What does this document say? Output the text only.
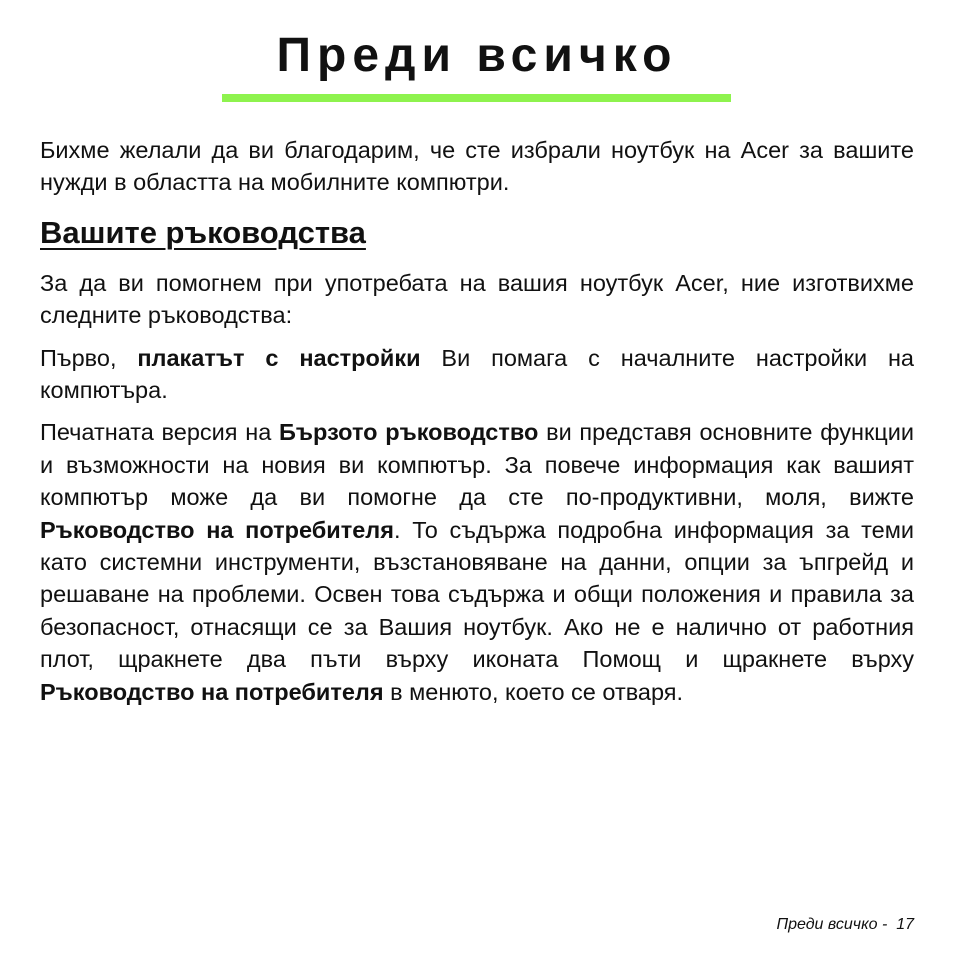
Преди всичко

Бихме желали да ви благодарим, че сте избрали ноутбук на Acer за вашите нужди в областта на мобилните компютри.

Вашите ръководства

За да ви помогнем при употребата на вашия ноутбук Acer, ние изготвихме следните ръководства:

Първо, плакатът с настройки Ви помага с началните настройки на компютъра.

Печатната версия на Бързото ръководство ви представя основните функции и възможности на новия ви компютър. За повече информация как вашият компютър може да ви помогне да сте по-продуктивни, моля, вижте Ръководство на потребителя. То съдържа подробна информация за теми като системни инструменти, възстановяване на данни, опции за ъпгрейд и решаване на проблеми. Освен това съдържа и общи положения и правила за безопасност, отнасящи се за Вашия ноутбук. Ако не е налично от работния плот, щракнете два пъти върху иконата Помощ и щракнете върху Ръководство на потребителя в менюто, което се отваря.

Преди всичко - 17
